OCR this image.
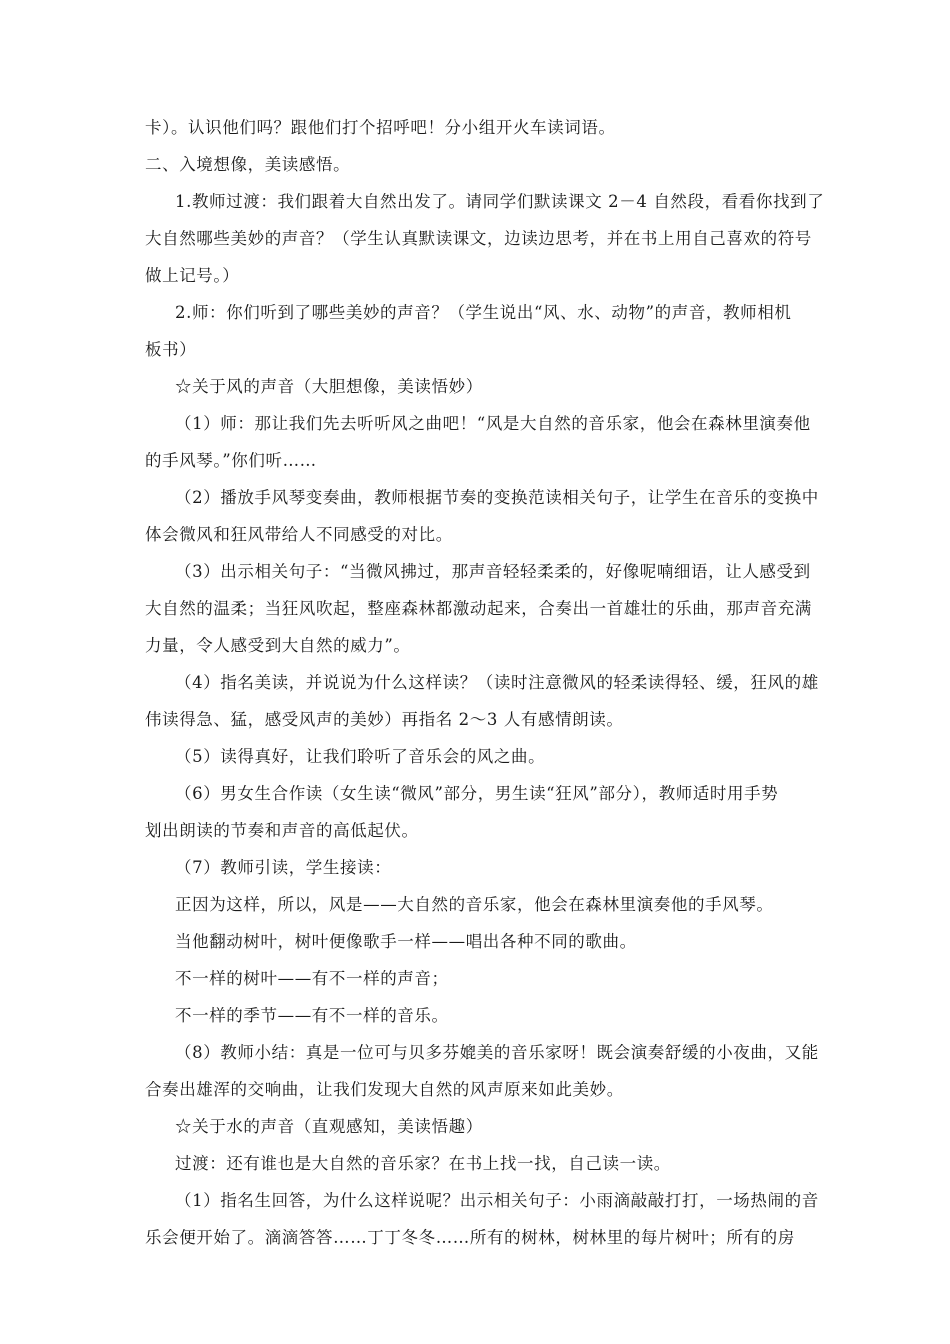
卡）。认识他们吗？跟他们打个招呼吧！分小组开火车读词语。
二、入境想像，美读感悟。
1.教师过渡：我们跟着大自然出发了。请同学们默读课文 2－4 自然段，看看你找到了
大自然哪些美妙的声音？（学生认真默读课文，边读边思考，并在书上用自己喜欢的符号
做上记号。）
2.师：你们听到了哪些美妙的声音？（学生说出“风、水、动物”的声音，教师相机
板书）
☆关于风的声音（大胆想像，美读悟妙）
（1）师：那让我们先去听听风之曲吧！“风是大自然的音乐家，他会在森林里演奏他
的手风琴。”你们听……
（2）播放手风琴变奏曲，教师根据节奏的变换范读相关句子，让学生在音乐的变换中
体会微风和狂风带给人不同感受的对比。
（3）出示相关句子：“当微风拂过，那声音轻轻柔柔的，好像呢喃细语，让人感受到
大自然的温柔；当狂风吹起，整座森林都激动起来，合奏出一首雄壮的乐曲，那声音充满
力量，令人感受到大自然的威力”。
（4）指名美读，并说说为什么这样读？（读时注意微风的轻柔读得轻、缓，狂风的雄
伟读得急、猛，感受风声的美妙）再指名 2～3 人有感情朗读。
（5）读得真好，让我们聆听了音乐会的风之曲。
（6）男女生合作读（女生读“微风”部分，男生读“狂风”部分），教师适时用手势
划出朗读的节奏和声音的高低起伏。
（7）教师引读，学生接读：
正因为这样，所以，风是——大自然的音乐家，他会在森林里演奏他的手风琴。
当他翻动树叶，树叶便像歌手一样——唱出各种不同的歌曲。
不一样的树叶——有不一样的声音；
不一样的季节——有不一样的音乐。
（8）教师小结：真是一位可与贝多芬媲美的音乐家呀！既会演奏舒缓的小夜曲，又能
合奏出雄浑的交响曲，让我们发现大自然的风声原来如此美妙。
☆关于水的声音（直观感知，美读悟趣）
过渡：还有谁也是大自然的音乐家？在书上找一找，自己读一读。
（1）指名生回答，为什么这样说呢？出示相关句子：小雨滴敲敲打打，一场热闹的音
乐会便开始了。滴滴答答……丁丁冬冬……所有的树林，树林里的每片树叶；所有的房
